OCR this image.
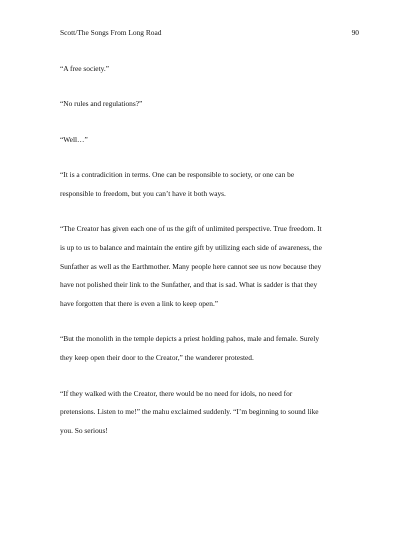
Scott/The Songs From Long Road	90

“A free society.”

“No rules and regulations?”

“Well…”

“It is a contradicition in terms. One can be responsible to society, or one can be
responsible to freedom, but you can’t have it both ways.

“The Creator has given each one of us the gift of unlimited perspective. True freedom. It
is up to us to balance and maintain the entire gift by utilizing each side of awareness, the
Sunfather as well as the Earthmother. Many people here cannot see us now because they
have not polished their link to the Sunfather, and that is sad. What is sadder is that they
have forgotten that there is even a link to keep open.”

“But the monolith in the temple depicts a priest holding pahos, male and female. Surely
they keep open their door to the Creator,” the wanderer protested.

“If they walked with the Creator, there would be no need for idols, no need for
pretensions. Listen to me!” the mahu exclaimed suddenly. “I’m beginning to sound like
you. So serious!
